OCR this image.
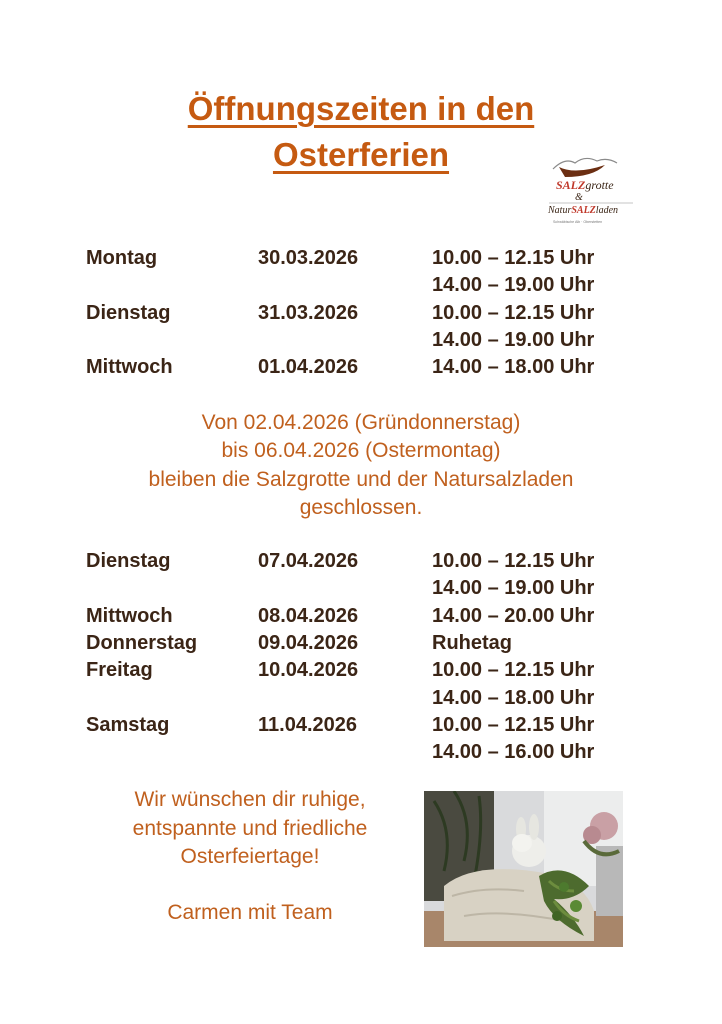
Öffnungszeiten in den
Osterferien
SALZgrotte
&
NaturSALZladen
Schwäbische Alb · Oberstetten
Montag	30.03.2026	10.00 – 12.15 Uhr
14.00 – 19.00 Uhr
Dienstag	31.03.2026	10.00 – 12.15 Uhr
14.00 – 19.00 Uhr
Mittwoch	01.04.2026	14.00 – 18.00 Uhr
Dienstag	07.04.2026	10.00 – 12.15 Uhr
14.00 – 19.00 Uhr
Mittwoch	08.04.2026	14.00 – 20.00 Uhr
Donnerstag	09.04.2026	Ruhetag
Freitag	10.04.2026	10.00 – 12.15 Uhr
14.00 – 18.00 Uhr
Samstag	11.04.2026	10.00 – 12.15 Uhr
14.00 – 16.00 Uhr
Von 02.04.2026 (Gründonnerstag)
bis 06.04.2026 (Ostermontag)
bleiben die Salzgrotte und der Natursalzladen
geschlossen.
Wir wünschen dir ruhige,
entspannte und friedliche
Osterfeiertage!
Carmen mit Team
